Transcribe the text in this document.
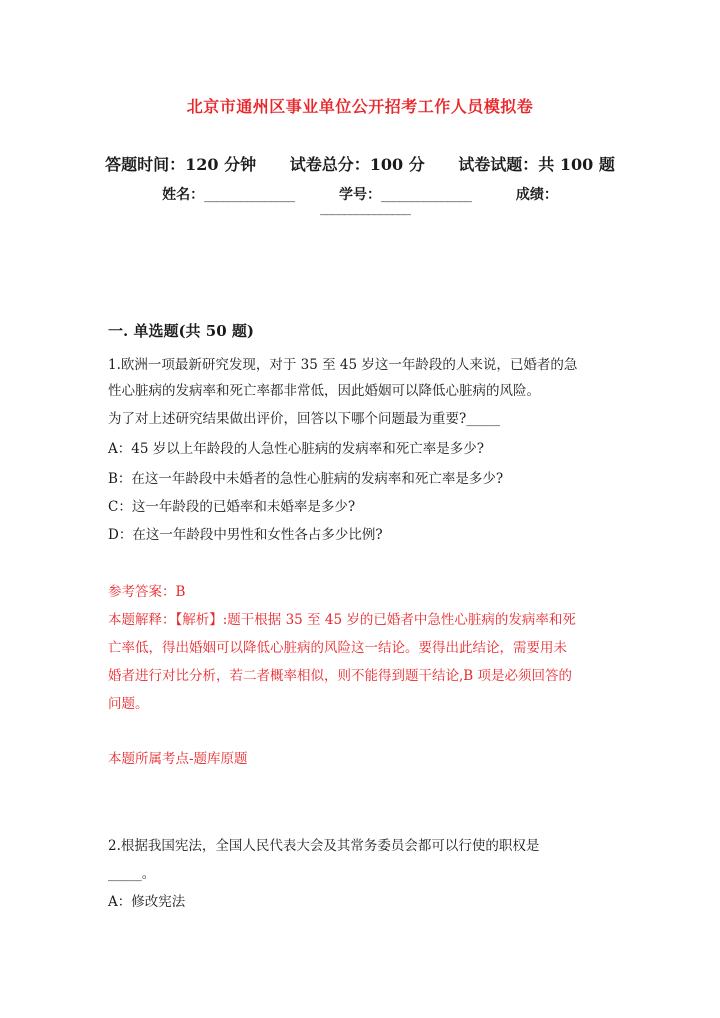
北京市通州区事业单位公开招考工作人员模拟卷
答题时间：120 分钟 试卷总分：100 分 试卷试题：共 100 题
姓名：_______________	学号：_______________	成绩：
_______________
一. 单选题(共 50 题)
1.欧洲一项最新研究发现，对于 35 至 45 岁这一年龄段的人来说，已婚者的急
性心脏病的发病率和死亡率都非常低，因此婚姻可以降低心脏病的风险。
为了对上述研究结果做出评价，回答以下哪个问题最为重要?_____
A：45 岁以上年龄段的人急性心脏病的发病率和死亡率是多少?
B：在这一年龄段中未婚者的急性心脏病的发病率和死亡率是多少?
C：这一年龄段的已婚率和未婚率是多少?
D：在这一年龄段中男性和女性各占多少比例?
参考答案：B
本题解释：【解析】:题干根据 35 至 45 岁的已婚者中急性心脏病的发病率和死
亡率低，得出婚姻可以降低心脏病的风险这一结论。要得出此结论，需要用未
婚者进行对比分析，若二者概率相似，则不能得到题干结论,B 项是必须回答的
问题。
本题所属考点-题库原题
2.根据我国宪法，全国人民代表大会及其常务委员会都可以行使的职权是
_____。
A：修改宪法
